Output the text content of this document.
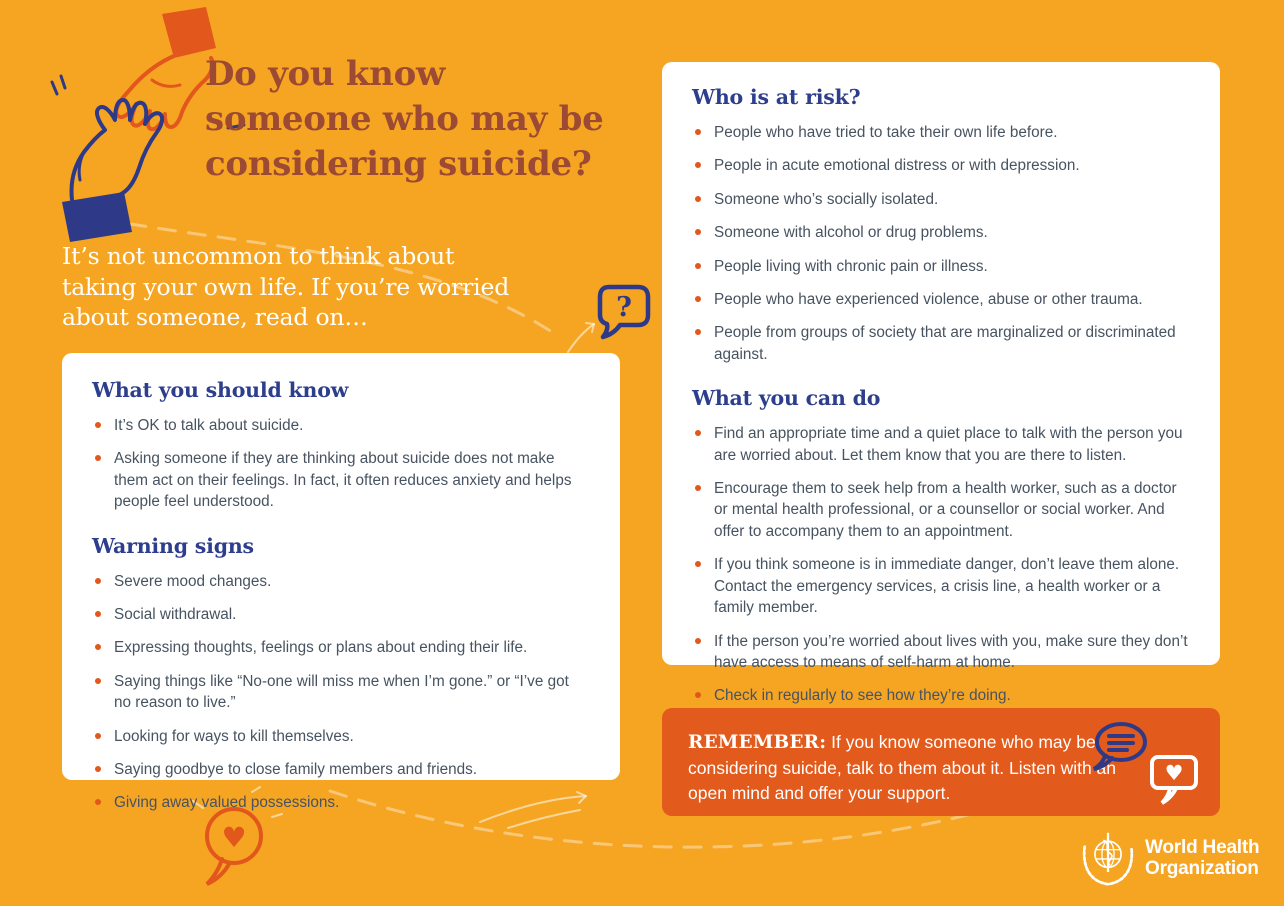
Do you know
someone who may be
considering suicide?
It’s not uncommon to think about
taking your own life. If you’re worried
about someone, read on…	?
What you should know
It’s OK to talk about suicide.
Asking someone if they are thinking about suicide does not make them act on their feelings. In fact, it often reduces anxiety and helps people feel understood.
Warning signs
Severe mood changes.
Social withdrawal.
Expressing thoughts, feelings or plans about ending their life.
Saying things like “No-one will miss me when I’m gone.” or “I’ve got no reason to live.”
Looking for ways to kill themselves.
Saying goodbye to close family members and friends.
Giving away valued possessions.
Who is at risk?
People who have tried to take their own life before.
People in acute emotional distress or with depression.
Someone who’s socially isolated.
Someone with alcohol or drug problems.
People living with chronic pain or illness.
People who have experienced violence, abuse or other trauma.
People from groups of society that are marginalized or discriminated against.
What you can do
Find an appropriate time and a quiet place to talk with the person you are worried about. Let them know that you are there to listen.
Encourage them to seek help from a health worker, such as a doctor or mental health professional, or a counsellor or social worker. And offer to accompany them to an appointment.
If you think someone is in immediate danger, don’t leave them alone. Contact the emergency services, a crisis line, a health worker or a family member.
If the person you’re worried about lives with you, make sure they don’t have access to means of self-harm at home.
Check in regularly to see how they’re doing.
♥

REMEMBER: If you know someone who may be considering suicide, talk to them about it. Listen with an open mind and offer your support.

♥
World Health
Organization
